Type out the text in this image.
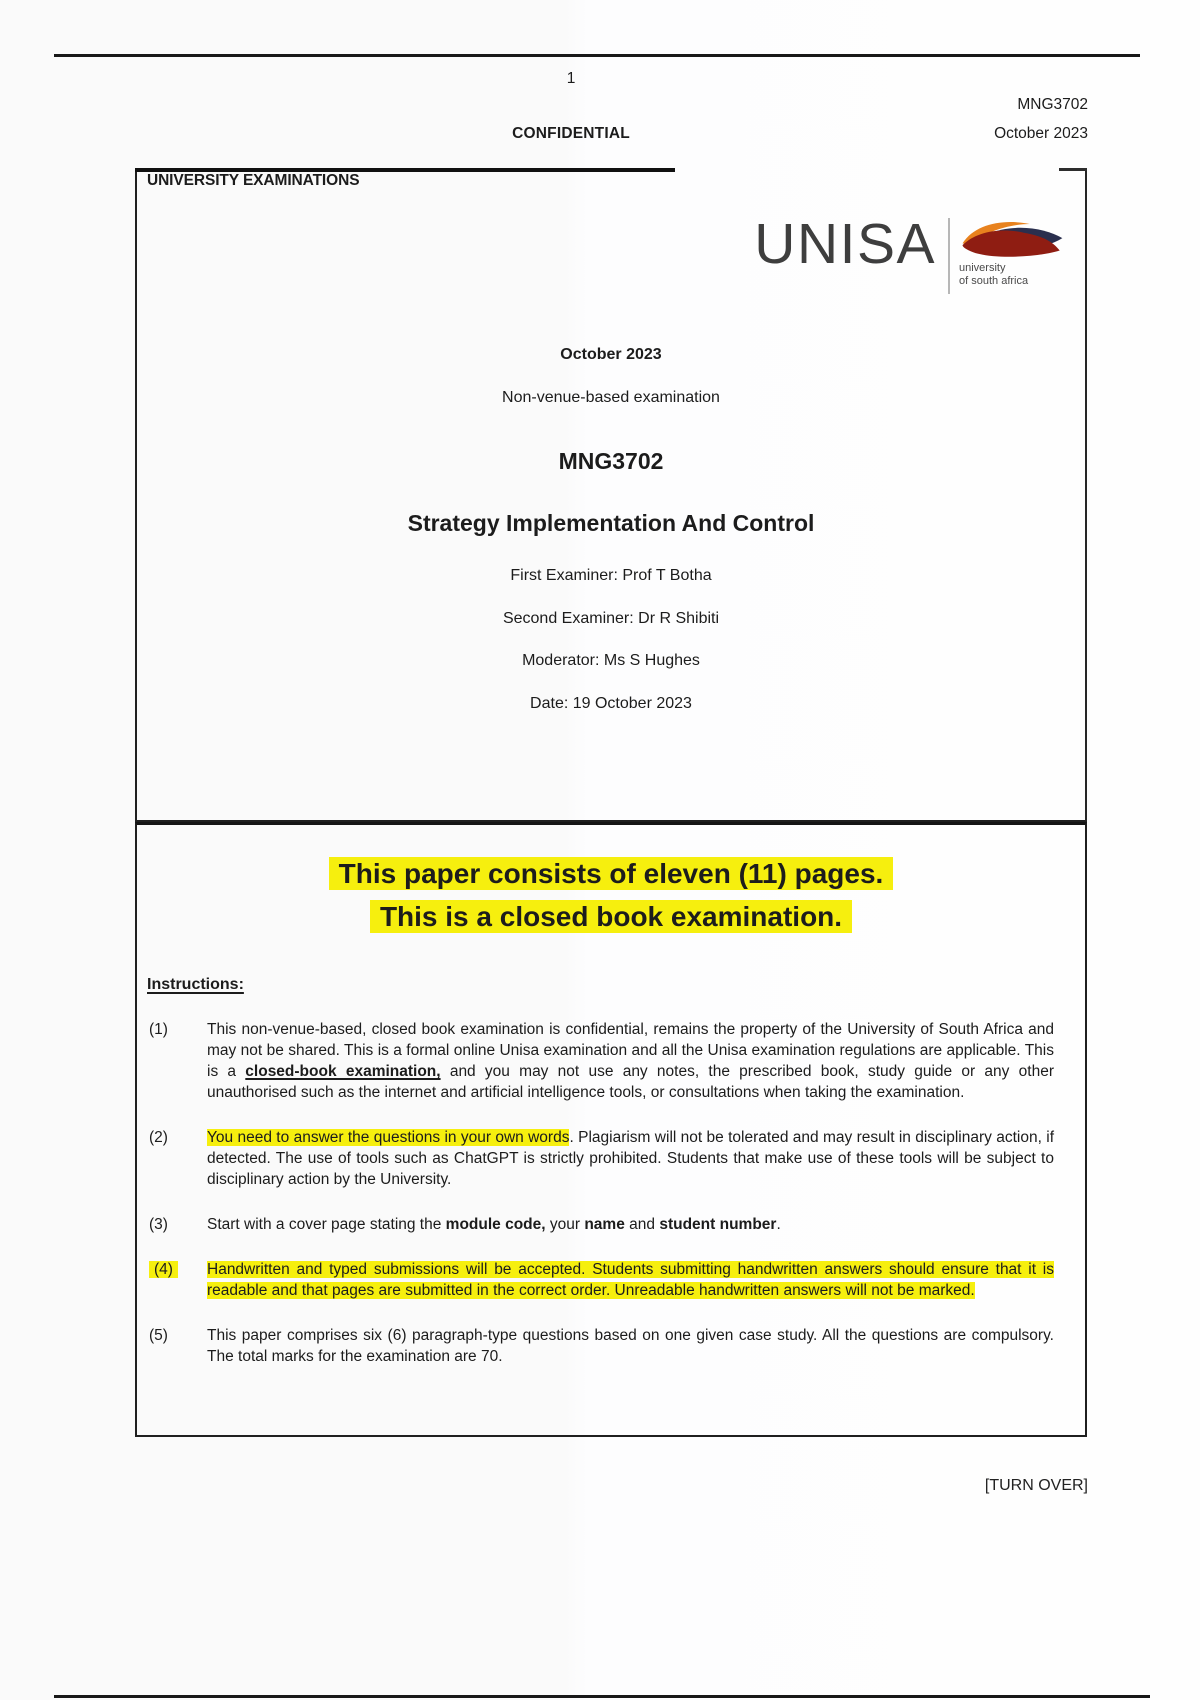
1
MNG3702
CONFIDENTIAL	October 2023
UNIVERSITY EXAMINATIONS
UNISA university
of south africa
October 2023
Non-venue-based examination
MNG3702
Strategy Implementation And Control
First Examiner: Prof T Botha
Second Examiner: Dr R Shibiti
Moderator: Ms S Hughes
Date: 19 October 2023
This paper consists of eleven (11) pages.
This is a closed book examination.
Instructions:
(1)	This non-venue-based, closed book examination is confidential, remains the property of the University of South Africa and may not be shared. This is a formal online Unisa examination and all the Unisa examination regulations are applicable. This is a closed-book examination, and you may not use any notes, the prescribed book, study guide or any other unauthorised such as the internet and artificial intelligence tools, or consultations when taking the examination.
(2)	You need to answer the questions in your own words. Plagiarism will not be tolerated and may result in disciplinary action, if detected. The use of tools such as ChatGPT is strictly prohibited. Students that make use of these tools will be subject to disciplinary action by the University.
(3)	Start with a cover page stating the module code, your name and student number.
(4)	Handwritten and typed submissions will be accepted. Students submitting handwritten answers should ensure that it is readable and that pages are submitted in the correct order. Unreadable handwritten answers will not be marked.
(5)	This paper comprises six (6) paragraph-type questions based on one given case study. All the questions are compulsory. The total marks for the examination are 70.
[TURN OVER]
